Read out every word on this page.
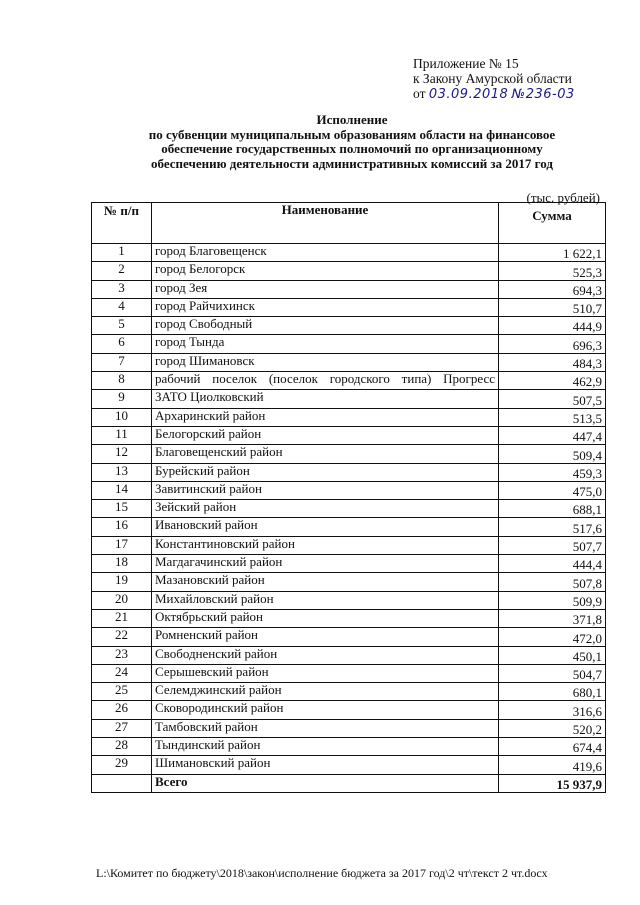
Приложение № 15
к Закону Амурской области
от 03.09.2018 №236-03
Исполнение
по субвенции муниципальным образованиям области на финансовое
обеспечение государственных полномочий по организационному
обеспечению деятельности административных комиссий за 2017 год
(тыс. рублей)
№ п/п	Наименование	Сумма
1	город Благовещенск	1 622,1
2	город Белогорск	525,3
3	город Зея	694,3
4	город Райчихинск	510,7
5	город Свободный	444,9
6	город Тында	696,3
7	город Шимановск	484,3
8	рабочий поселок (поселок городского типа) Прогресс	462,9
9	ЗАТО Циолковский	507,5
10	Архаринский район	513,5
11	Белогорский район	447,4
12	Благовещенский район	509,4
13	Бурейский район	459,3
14	Завитинский район	475,0
15	Зейский район	688,1
16	Ивановский район	517,6
17	Константиновский район	507,7
18	Магдагачинский район	444,4
19	Мазановский район	507,8
20	Михайловский район	509,9
21	Октябрьский район	371,8
22	Ромненский район	472,0
23	Свободненский район	450,1
24	Серышевский район	504,7
25	Селемджинский район	680,1
26	Сковородинский район	316,6
27	Тамбовский район	520,2
28	Тындинский район	674,4
29	Шимановский район	419,6
	Всего	15 937,9
L:\Комитет по бюджету\2018\закон\исполнение бюджета за 2017 год\2 чт\текст 2 чт.docx
